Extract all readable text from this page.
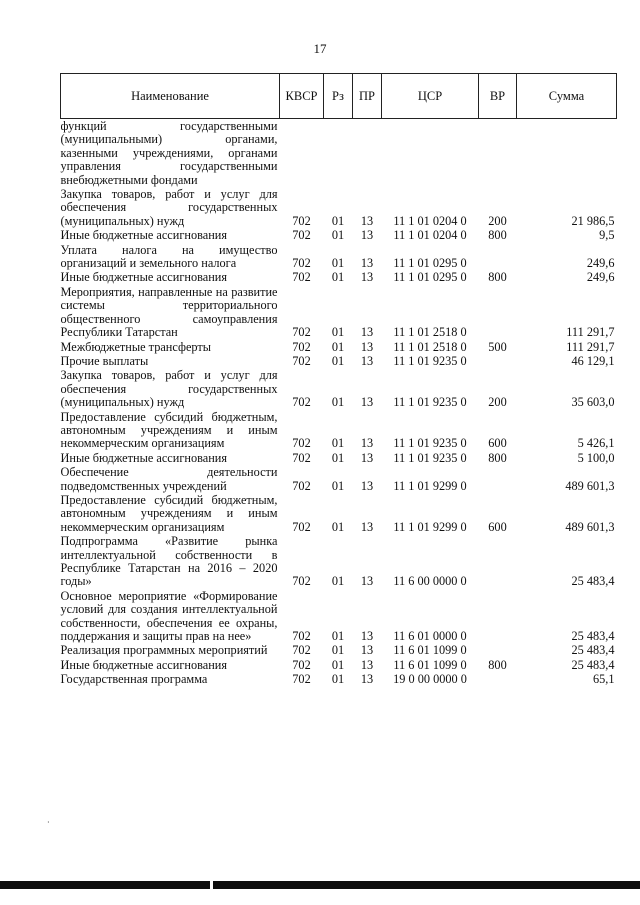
17
Наименование	КВСР	Рз	ПР	ЦСР	ВР	Сумма
функций государственными (муниципальными) органами, казенными учреждениями, органами управления государственными внебюджетными фондами						
Закупка товаров, работ и услуг для обеспечения государственных (муниципальных) нужд	702	01	13	11 1 01 0204 0	200	21 986,5
Иные бюджетные ассигнования	702	01	13	11 1 01 0204 0	800	9,5
Уплата налога на имущество организаций и земельного налога	702	01	13	11 1 01 0295 0		249,6
Иные бюджетные ассигнования	702	01	13	11 1 01 0295 0	800	249,6
Мероприятия, направленные на развитие системы территориального общественного самоуправления Республики Татарстан	702	01	13	11 1 01 2518 0		111 291,7
Межбюджетные трансферты	702	01	13	11 1 01 2518 0	500	111 291,7
Прочие выплаты	702	01	13	11 1 01 9235 0		46 129,1
Закупка товаров, работ и услуг для обеспечения государственных (муниципальных) нужд	702	01	13	11 1 01 9235 0	200	35 603,0
Предоставление субсидий бюджетным, автономным учреждениям и иным некоммерческим организациям	702	01	13	11 1 01 9235 0	600	5 426,1
Иные бюджетные ассигнования	702	01	13	11 1 01 9235 0	800	5 100,0
Обеспечение деятельности подведомственных учреждений	702	01	13	11 1 01 9299 0		489 601,3
Предоставление субсидий бюджетным, автономным учреждениям и иным некоммерческим организациям	702	01	13	11 1 01 9299 0	600	489 601,3
Подпрограмма «Развитие рынка интеллектуальной собственности в Республике Татарстан на 2016 – 2020 годы»	702	01	13	11 6 00 0000 0		25 483,4
Основное мероприятие «Формирование условий для создания интеллектуальной собственности, обеспечения ее охраны, поддержания и защиты прав на нее»	702	01	13	11 6 01 0000 0		25 483,4
Реализация программных мероприятий	702	01	13	11 6 01 1099 0		25 483,4
Иные бюджетные ассигнования	702	01	13	11 6 01 1099 0	800	25 483,4
Государственная программа	702	01	13	19 0 00 0000 0		65,1
·
